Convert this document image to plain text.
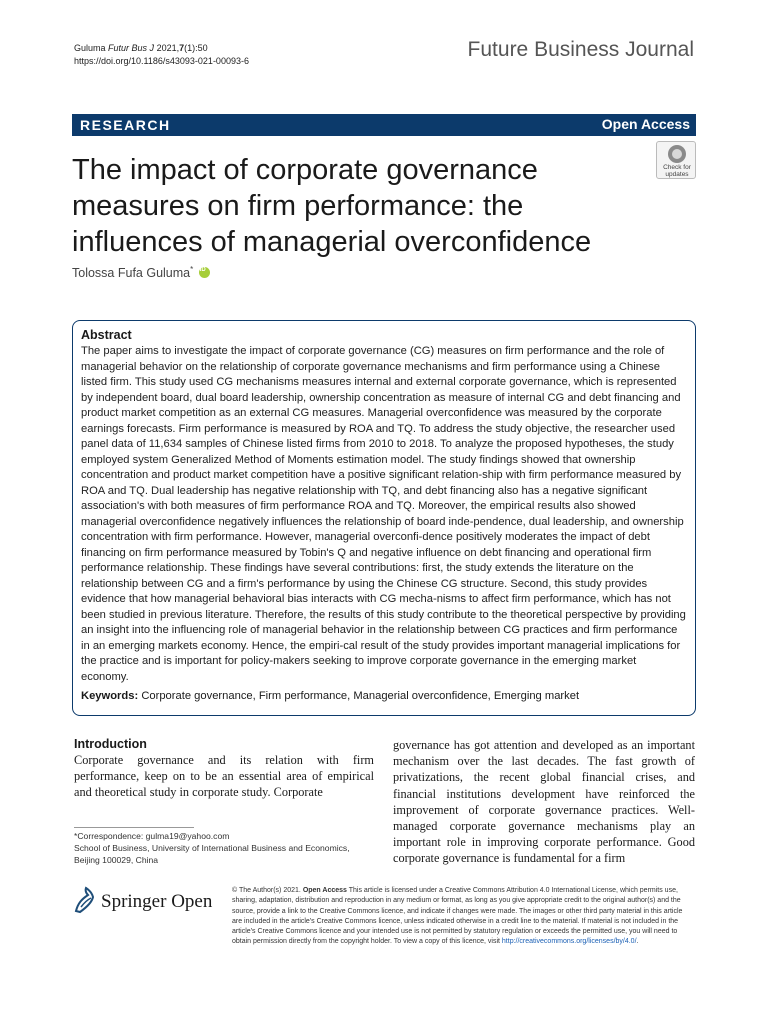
Guluma Futur Bus J 2021,7(1):50
https://doi.org/10.1186/s43093-021-00093-6	Future Business Journal
RESEARCH	Open Access
The impact of corporate governance measures on firm performance: the influences of managerial overconfidence
Check for
updates
Tolossa Fufa Guluma* iD
Abstract
The paper aims to investigate the impact of corporate governance (CG) measures on firm performance and the role of managerial behavior on the relationship of corporate governance mechanisms and firm performance using a Chinese listed firm. This study used CG mechanisms measures internal and external corporate governance, which is represented by independent board, dual board leadership, ownership concentration as measure of internal CG and debt financing and product market competition as an external CG measures. Managerial overconfidence was measured by the corporate earnings forecasts. Firm performance is measured by ROA and TQ. To address the study objective, the researcher used panel data of 11,634 samples of Chinese listed firms from 2010 to 2018. To analyze the proposed hypotheses, the study employed system Generalized Method of Moments estimation model. The study findings showed that ownership concentration and product market competition have a positive significant relation-ship with firm performance measured by ROA and TQ. Dual leadership has negative relationship with TQ, and debt financing also has a negative significant association's with both measures of firm performance ROA and TQ. Moreover, the empirical results also showed managerial overconfidence negatively influences the relationship of board inde-pendence, dual leadership, and ownership concentration with firm performance. However, managerial overconfi-dence positively moderates the impact of debt financing on firm performance measured by Tobin's Q and negative influence on debt financing and operational firm performance relationship. These findings have several contributions: first, the study extends the literature on the relationship between CG and a firm's performance by using the Chinese CG structure. Second, this study provides evidence that how managerial behavioral bias interacts with CG mecha-nisms to affect firm performance, which has not been studied in previous literature. Therefore, the results of this study contribute to the theoretical perspective by providing an insight into the influencing role of managerial behavior in the relationship between CG practices and firm performance in an emerging markets economy. Hence, the empiri-cal result of the study provides important managerial implications for the practice and is important for policy-makers seeking to improve corporate governance in the emerging market economy.
Keywords: Corporate governance, Firm performance, Managerial overconfidence, Emerging market
Introduction
Corporate governance and its relation with firm performance, keep on to be an essential area of empirical and theoretical study in corporate study. Corporate
governance has got attention and developed as an important mechanism over the last decades. The fast growth of privatizations, the recent global financial crises, and financial institutions development have reinforced the improvement of corporate governance practices. Well-managed corporate governance mechanisms play an important role in improving corporate performance. Good corporate governance is fundamental for a firm
*Correspondence: gulma19@yahoo.com
School of Business, University of International Business and Economics,
Beijing 100029, China
Springer Open
© The Author(s) 2021. Open Access This article is licensed under a Creative Commons Attribution 4.0 International License, which permits use, sharing, adaptation, distribution and reproduction in any medium or format, as long as you give appropriate credit to the original author(s) and the source, provide a link to the Creative Commons licence, and indicate if changes were made. The images or other third party material in this article are included in the article's Creative Commons licence, unless indicated otherwise in a credit line to the material. If material is not included in the article's Creative Commons licence and your intended use is not permitted by statutory regulation or exceeds the permitted use, you will need to obtain permission directly from the copyright holder. To view a copy of this licence, visit http://creativecommons.org/licenses/by/4.0/.
